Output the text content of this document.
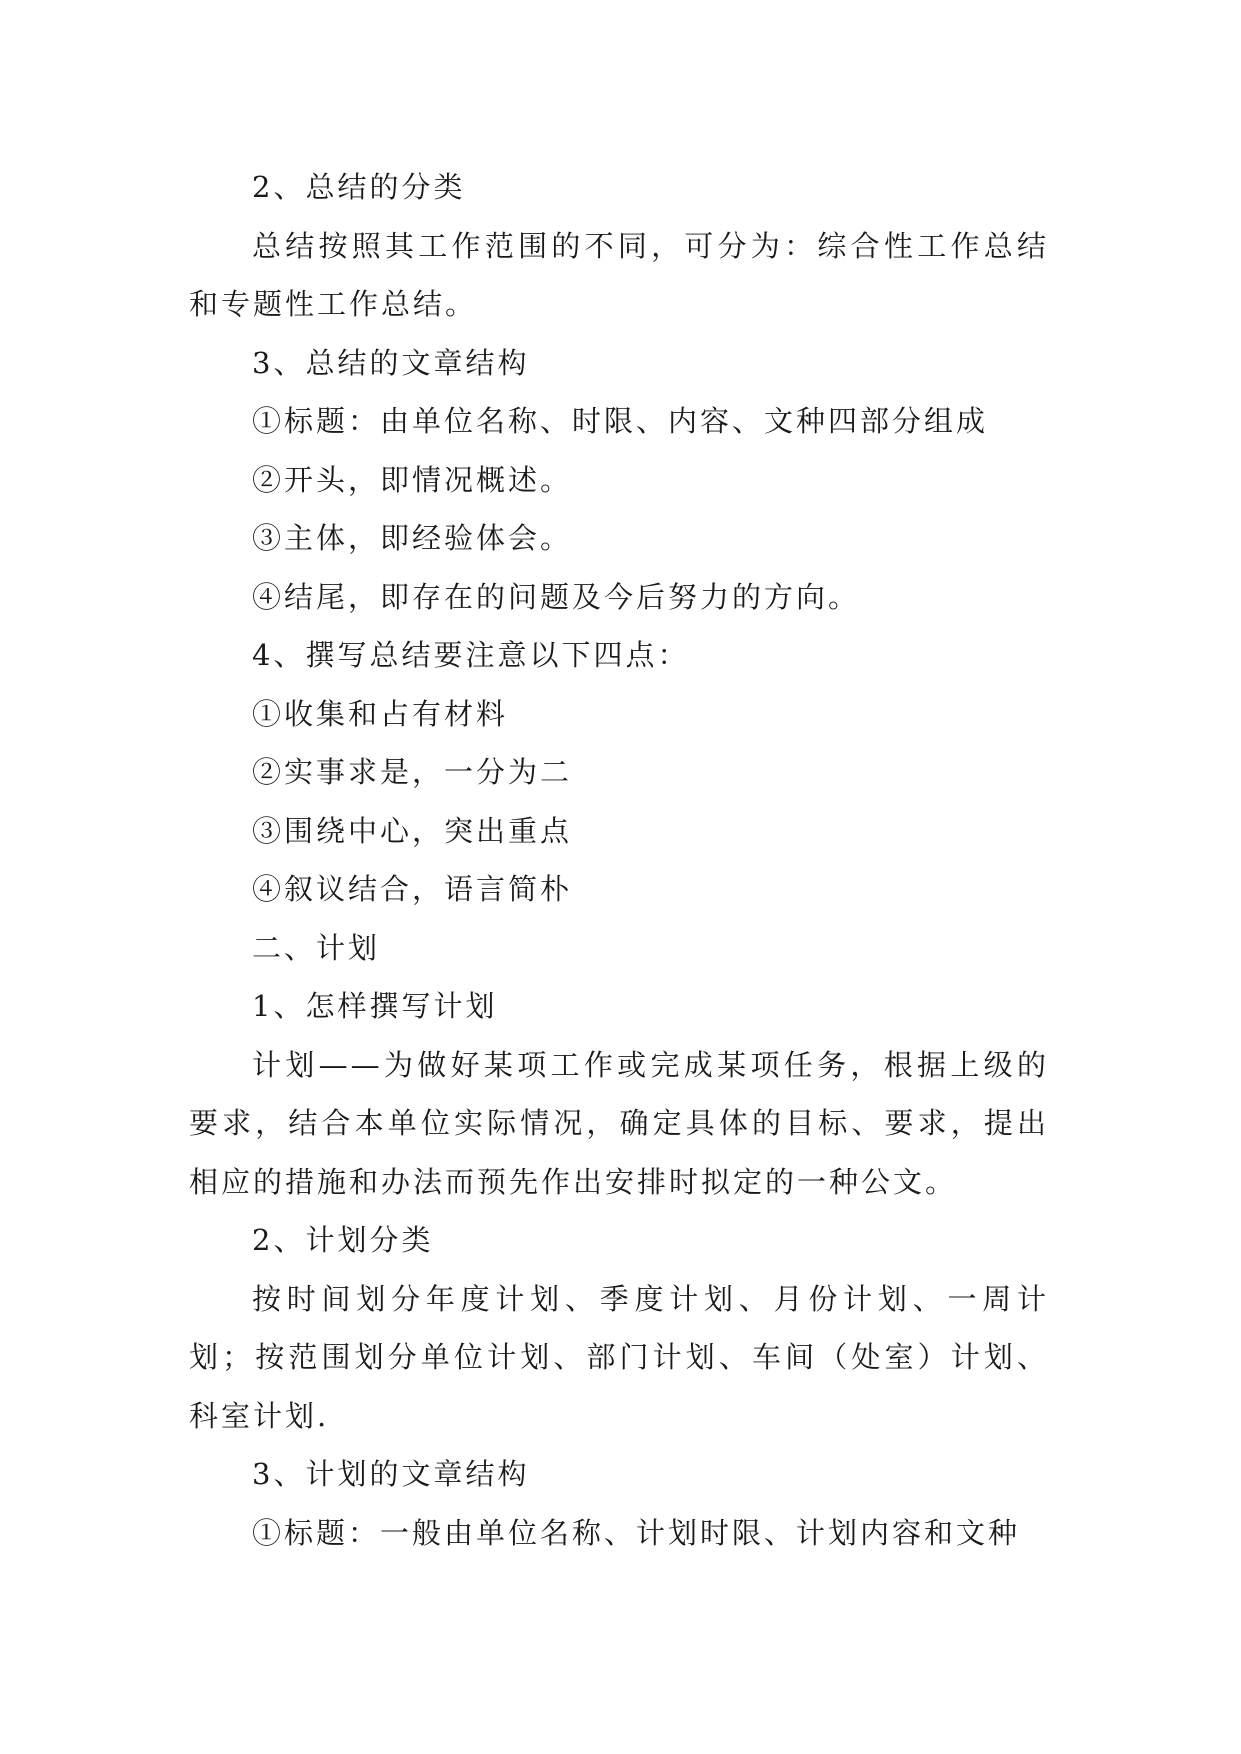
2、总结的分类

总结按照其工作范围的不同，可分为：综合性工作总结和专题性工作总结。

3、总结的文章结构

①标题：由单位名称、时限、内容、文种四部分组成

②开头，即情况概述。

③主体，即经验体会。

④结尾，即存在的问题及今后努力的方向。

4、撰写总结要注意以下四点：

①收集和占有材料

②实事求是，一分为二

③围绕中心，突出重点

④叙议结合，语言简朴

二、计划

1、怎样撰写计划

计划——为做好某项工作或完成某项任务，根据上级的要求，结合本单位实际情况，确定具体的目标、要求，提出相应的措施和办法而预先作出安排时拟定的一种公文。

2、计划分类

按时间划分年度计划、季度计划、月份计划、一周计划；按范围划分单位计划、部门计划、车间（处室）计划、科室计划.

3、计划的文章结构

①标题：一般由单位名称、计划时限、计划内容和文种
